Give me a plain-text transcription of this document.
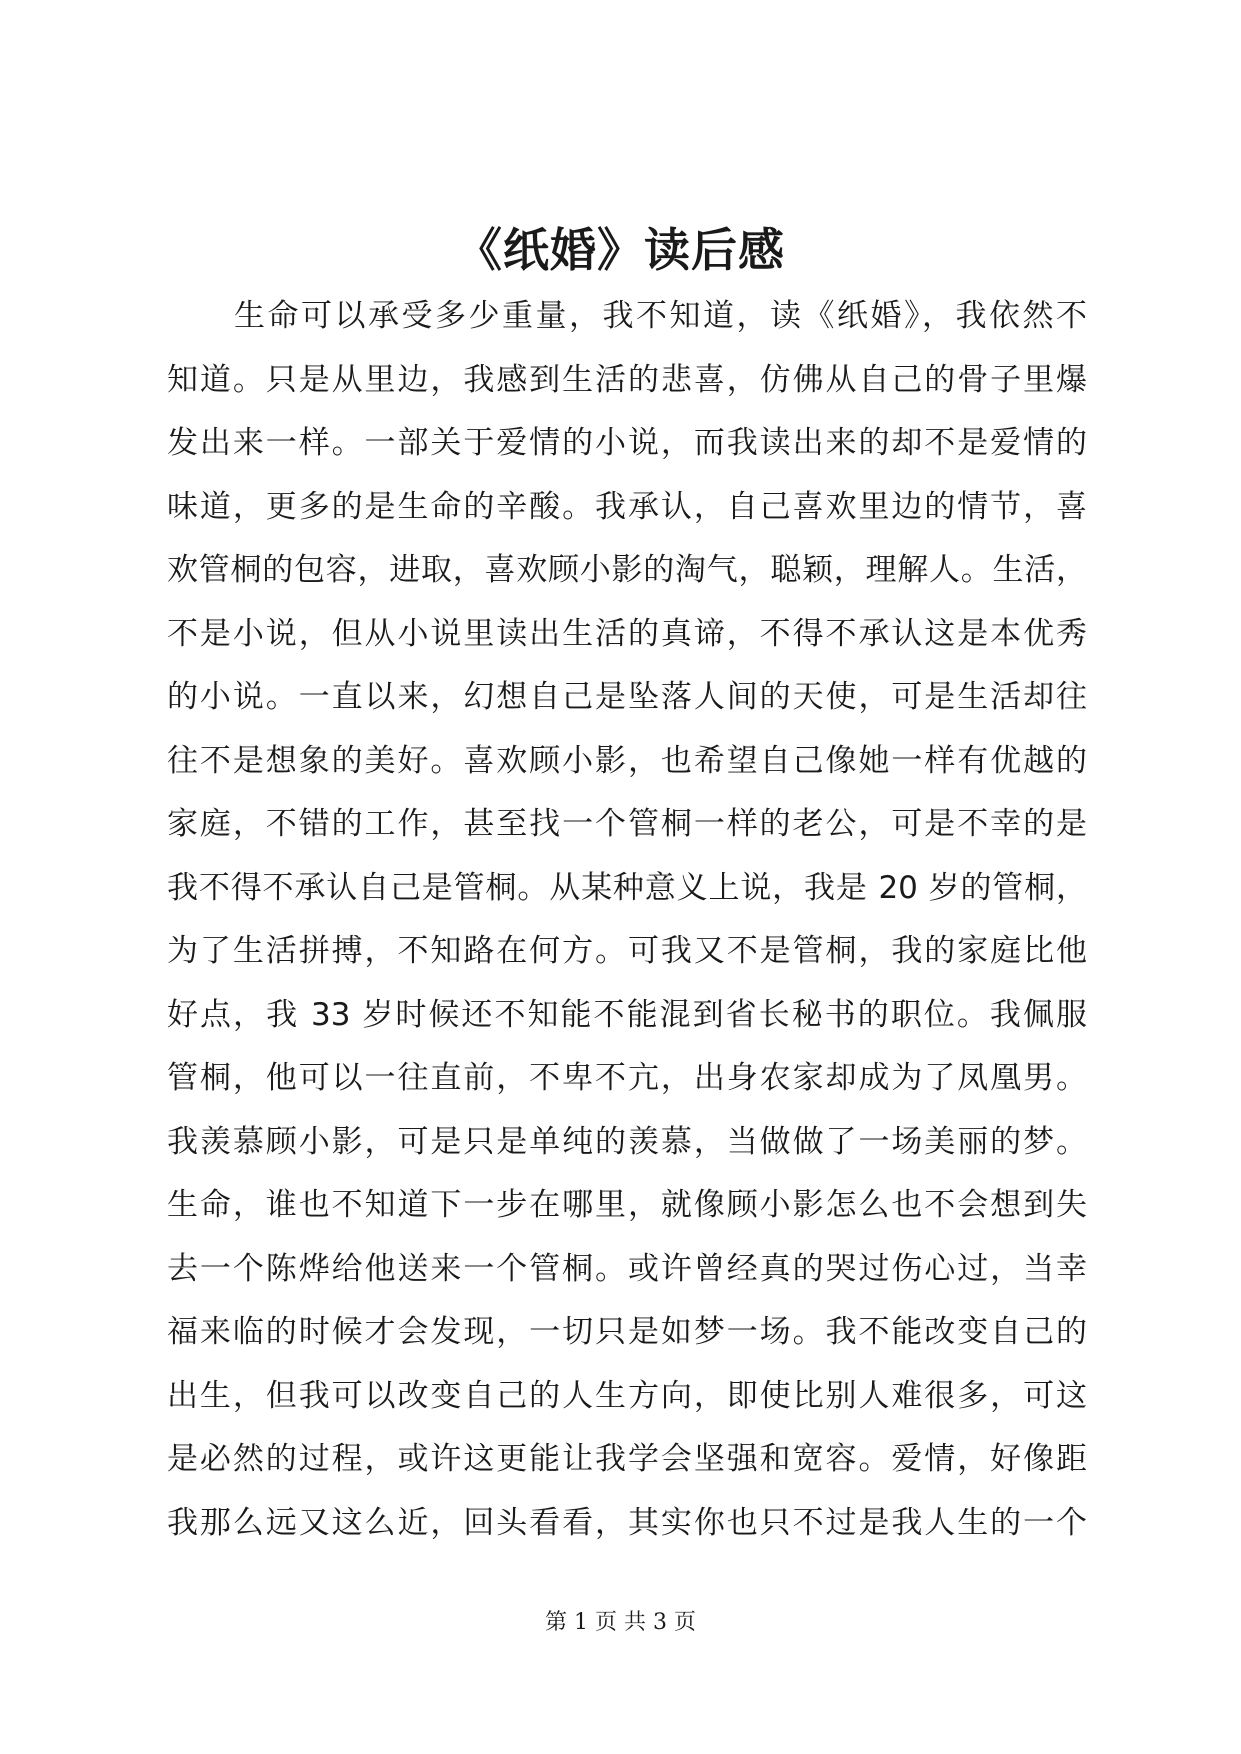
《纸婚》读后感
生命可以承受多少重量，我不知道，读《纸婚》，我依然不
知道。只是从里边，我感到生活的悲喜，仿佛从自己的骨子里爆
发出来一样。一部关于爱情的小说，而我读出来的却不是爱情的
味道，更多的是生命的辛酸。我承认，自己喜欢里边的情节，喜
欢管桐的包容，进取，喜欢顾小影的淘气，聪颖，理解人。生活，
不是小说，但从小说里读出生活的真谛，不得不承认这是本优秀
的小说。一直以来，幻想自己是坠落人间的天使，可是生活却往
往不是想象的美好。喜欢顾小影，也希望自己像她一样有优越的
家庭，不错的工作，甚至找一个管桐一样的老公，可是不幸的是
我不得不承认自己是管桐。从某种意义上说，我是 20 岁的管桐，
为了生活拼搏，不知路在何方。可我又不是管桐，我的家庭比他
好点，我 33 岁时候还不知能不能混到省长秘书的职位。我佩服
管桐，他可以一往直前，不卑不亢，出身农家却成为了凤凰男。
我羡慕顾小影，可是只是单纯的羡慕，当做做了一场美丽的梦。
生命，谁也不知道下一步在哪里，就像顾小影怎么也不会想到失
去一个陈烨给他送来一个管桐。或许曾经真的哭过伤心过，当幸
福来临的时候才会发现，一切只是如梦一场。我不能改变自己的
出生，但我可以改变自己的人生方向，即使比别人难很多，可这
是必然的过程，或许这更能让我学会坚强和宽容。爱情，好像距
我那么远又这么近，回头看看，其实你也只不过是我人生的一个
第 1 页 共 3 页
